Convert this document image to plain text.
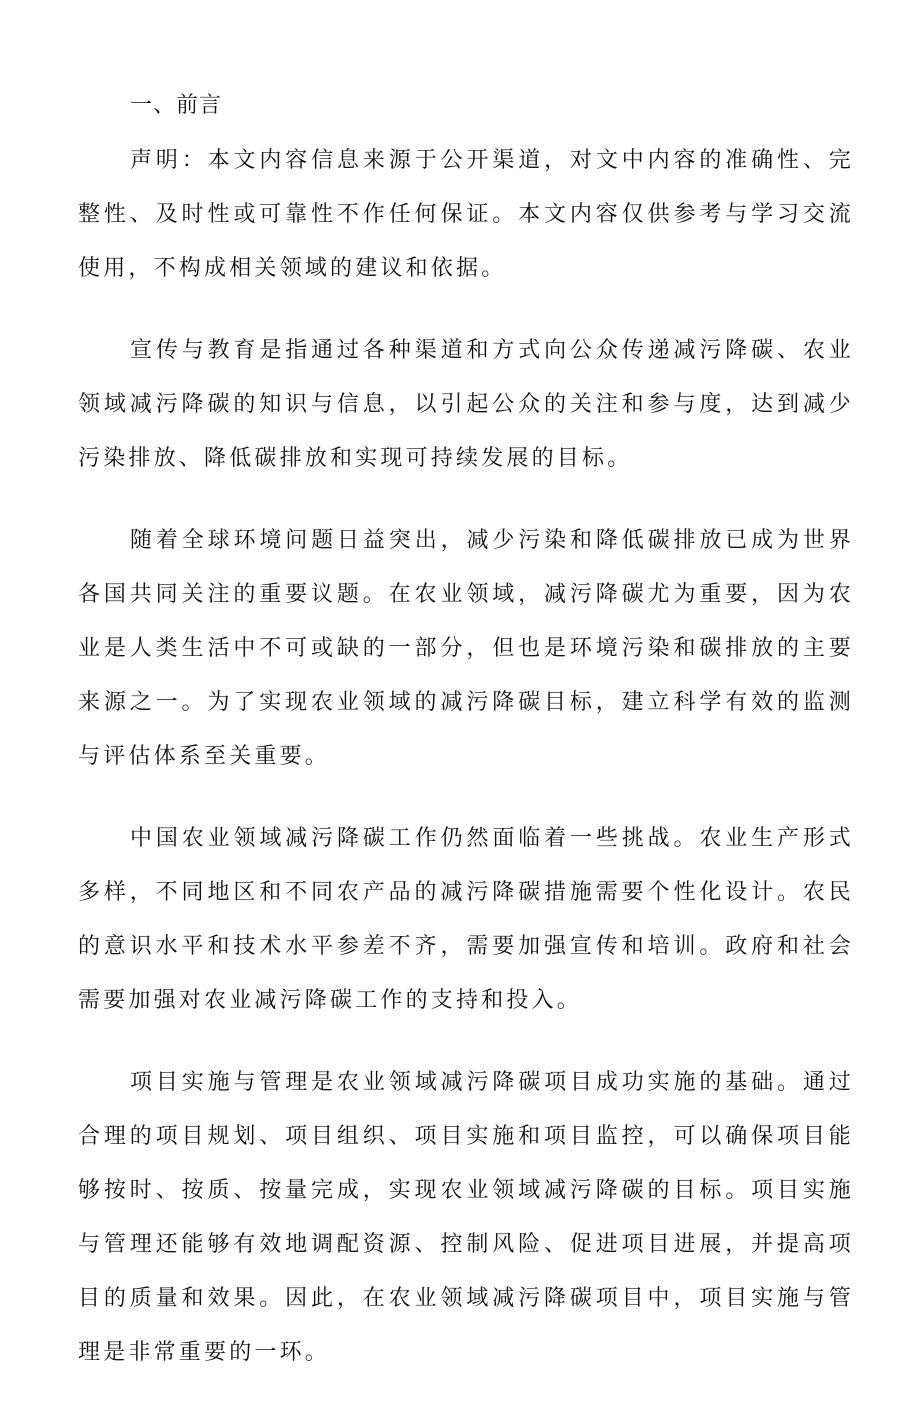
一、前言

声明：本文内容信息来源于公开渠道，对文中内容的准确性、完整性、及时性或可靠性不作任何保证。本文内容仅供参考与学习交流使用，不构成相关领域的建议和依据。

宣传与教育是指通过各种渠道和方式向公众传递减污降碳、农业领域减污降碳的知识与信息，以引起公众的关注和参与度，达到减少污染排放、降低碳排放和实现可持续发展的目标。

随着全球环境问题日益突出，减少污染和降低碳排放已成为世界各国共同关注的重要议题。在农业领域，减污降碳尤为重要，因为农业是人类生活中不可或缺的一部分，但也是环境污染和碳排放的主要来源之一。为了实现农业领域的减污降碳目标，建立科学有效的监测与评估体系至关重要。

中国农业领域减污降碳工作仍然面临着一些挑战。农业生产形式多样，不同地区和不同农产品的减污降碳措施需要个性化设计。农民的意识水平和技术水平参差不齐，需要加强宣传和培训。政府和社会需要加强对农业减污降碳工作的支持和投入。

项目实施与管理是农业领域减污降碳项目成功实施的基础。通过合理的项目规划、项目组织、项目实施和项目监控，可以确保项目能够按时、按质、按量完成，实现农业领域减污降碳的目标。项目实施与管理还能够有效地调配资源、控制风险、促进项目进展，并提高项目的质量和效果。因此，在农业领域减污降碳项目中，项目实施与管理是非常重要的一环。
